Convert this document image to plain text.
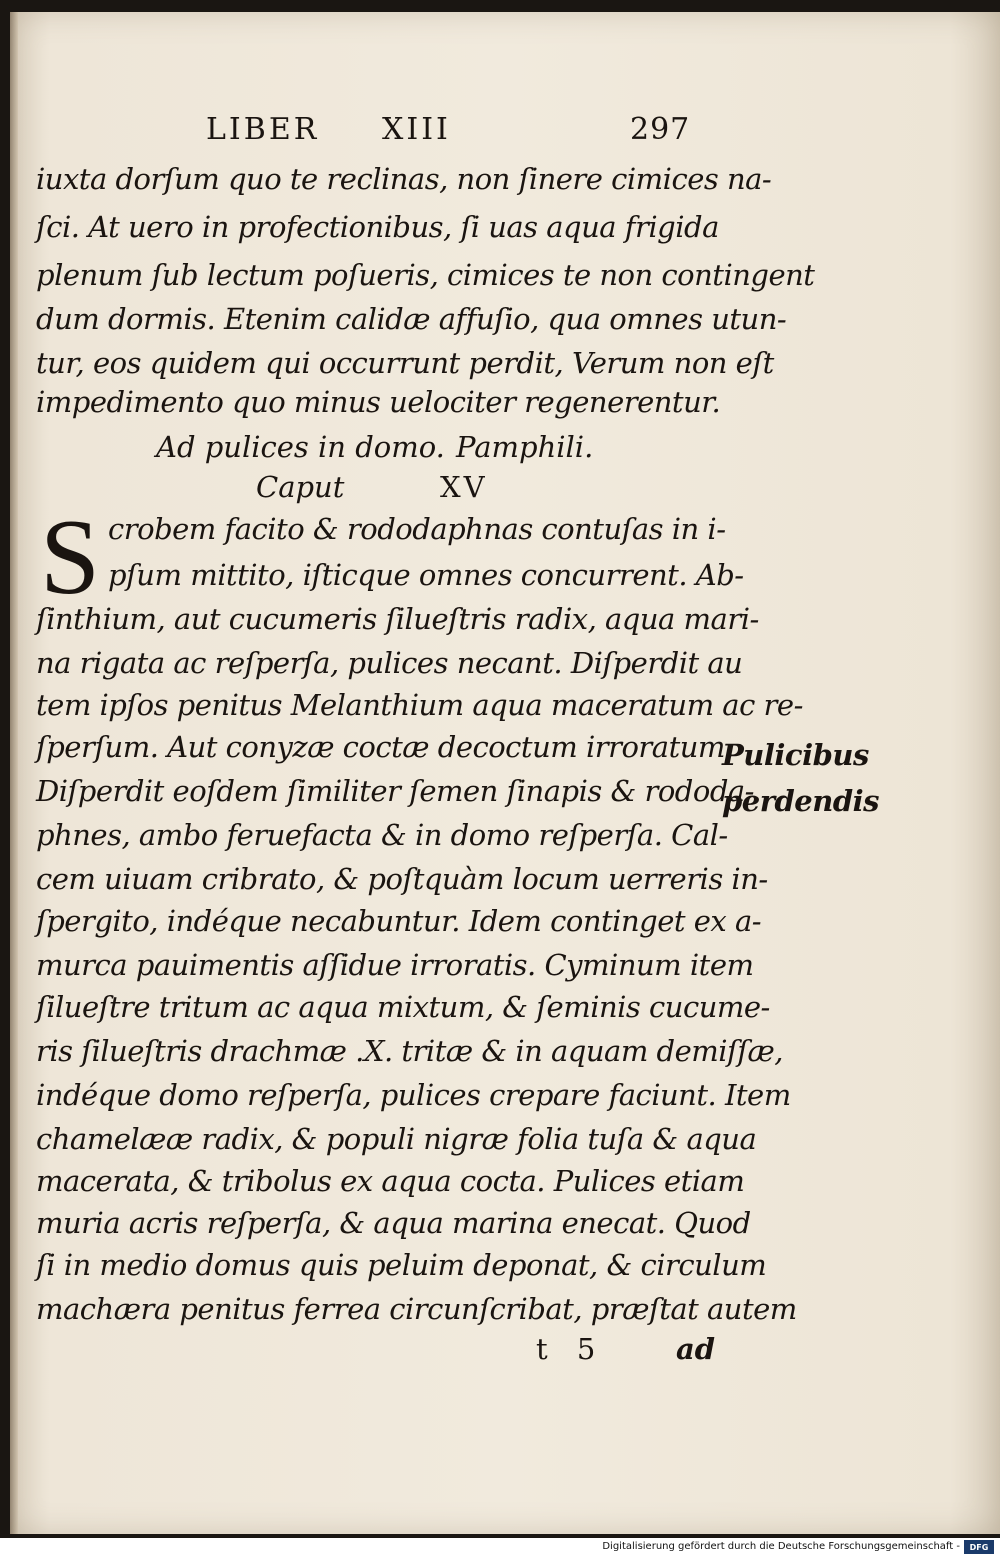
LIBER XIII	297
iuxta dorſum quo te reclinas, non ſinere cimices na-
ſci. At uero in profectionibus, ſi uas aqua frigida
plenum ſub lectum poſueris, cimices te non contingent
dum dormis. Etenim calidæ affuſio, qua omnes utun-
tur, eos quidem qui occurrunt perdit, Verum non eſt
impedimento quo minus uelociter regenerentur.
Ad pulices in domo. Pamphili.
Caput	XV
S crobem facito & rododaphnas contuſas in i-
pſum mittito, iſticque omnes concurrent. Ab-
ſinthium, aut cucumeris ſilueſtris radix, aqua mari-
na rigata ac reſperſa, pulices necant. Diſperdit au
tem ipſos penitus Melanthium aqua maceratum ac re-
ſperſum. Aut conyzæ coctæ decoctum irroratum.
Diſperdit eoſdem ſimiliter ſemen ſinapis & rododa-
phnes, ambo feruefacta & in domo reſperſa. Cal-
cem uiuam cribrato, & poſtquàm locum uerreris in-
ſpergito, indéque necabuntur. Idem continget ex a-
murca pauimentis aſſidue irroratis. Cyminum item
ſilueſtre tritum ac aqua mixtum, & ſeminis cucume-
ris ſilueſtris drachmæ .X. tritæ & in aquam demiſſæ,
indéque domo reſperſa, pulices crepare faciunt. Item
chamelææ radix, & populi nigræ folia tuſa & aqua
macerata, & tribolus ex aqua cocta. Pulices etiam
muria acris reſperſa, & aqua marina enecat. Quod
ſi in medio domus quis peluim deponat, & circulum
machæra penitus ferrea circunſcribat, præſtat autem
Pulicibus
perdendis
t 5 ad
Digitalisierung gefördert durch die Deutsche Forschungsgemeinschaft -	DFG
